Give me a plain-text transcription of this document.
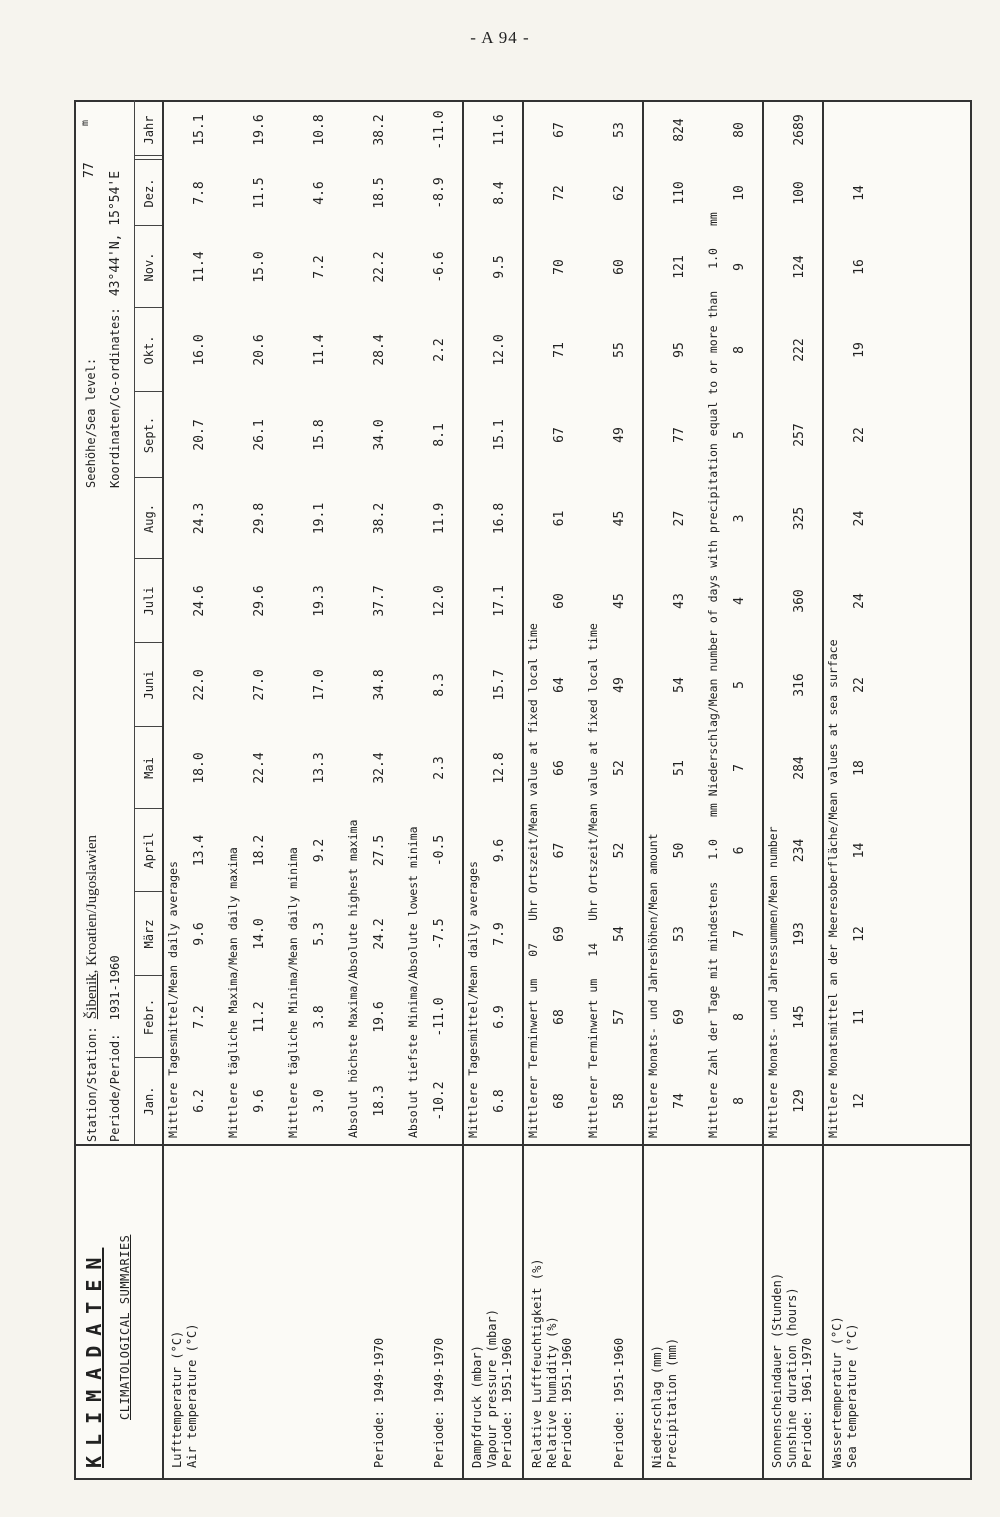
- A 94 -
KLIMADATEN CLIMATOLOGICAL SUMMARIES
Station/Station: Šibenik, Kroatien/Jugoslawien
Periode/Period: 1931-1960
Seehöhe/Sea level:
77
m
Koordinaten/Co-ordinates: 43°44'N, 15°54'E
Jan.
Febr.
März
April
Mai
Juni
Juli
Aug.
Sept.
Okt.
Nov.
Dez.
Jahr
Mittlere Tagesmittel/Mean daily averages 6.2
7.2
9.6
13.4
18.0
22.0
24.6
24.3
20.7
16.0
11.4
7.8
15.1
Mittlere tägliche Maxima/Mean daily maxima 9.6
11.2
14.0
18.2
22.4
27.0
29.6
29.8
26.1
20.6
15.0
11.5
19.6
Mittlere tägliche Minima/Mean daily minima 3.0
3.8
5.3
9.2
13.3
17.0
19.3
19.1
15.8
11.4
7.2
4.6
10.8
Absolut höchste Maxima/Absolute highest maxima 18.3
19.6
24.2
27.5
32.4
34.8
37.7
38.2
34.0
28.4
22.2
18.5
38.2
Periode: 1949-1970
Absolut tiefste Minima/Absolute lowest minima -10.2
-11.0
-7.5
-0.5
2.3
8.3
12.0
11.9
8.1
2.2
-6.6
-8.9
-11.0
Periode: 1949-1970
Lufttemperatur (°C) Air temperature (°C)
Mittlere Tagesmittel/Mean daily averages 6.8
6.9
7.9
9.6
12.8
15.7
17.1
16.8
15.1
12.0
9.5
8.4
11.6
Dampfdruck (mbar) Vapour pressure (mbar) Periode: 1951-1960
Mittlerer Terminwert um07Uhr Ortszeit/Mean value at fixed local time
68
68
69
67
66
64
60
61
67
71
70
72
67
Mittlerer Terminwert um14Uhr Ortszeit/Mean value at fixed local time
58
57
54
52
52
49
45
45
49
55
60
62
53
Periode: 1951-1960
Relative Luftfeuchtigkeit (%) Relative humidity (%) Periode: 1951-1960
Mittlere Monats- und Jahreshöhen/Mean amount 74
69
53
50
51
54
43
27
77
95
121
110
824
Mittlere Zahl der Tage mit mindestens1.0mm Niederschlag/Mean number of days with precipitation equal to or more than1.0mm
8
8
7
6
7
5
4
3
5
8
9
10
80
Niederschlag (mm) Precipitation (mm)
Mittlere Monats- und Jahressummen/Mean number 129
145
193
234
284
316
360
325
257
222
124
100
2689
Sonnenscheindauer (Stunden) Sunshine duration (hours) Periode: 1961-1970
Mittlere Monatsmittel an der Meeresoberfläche/Mean values at sea surface 12
11
12
14
18
22
24
24
22
19
16
14
Wassertemperatur (°C) Sea temperature (°C)
